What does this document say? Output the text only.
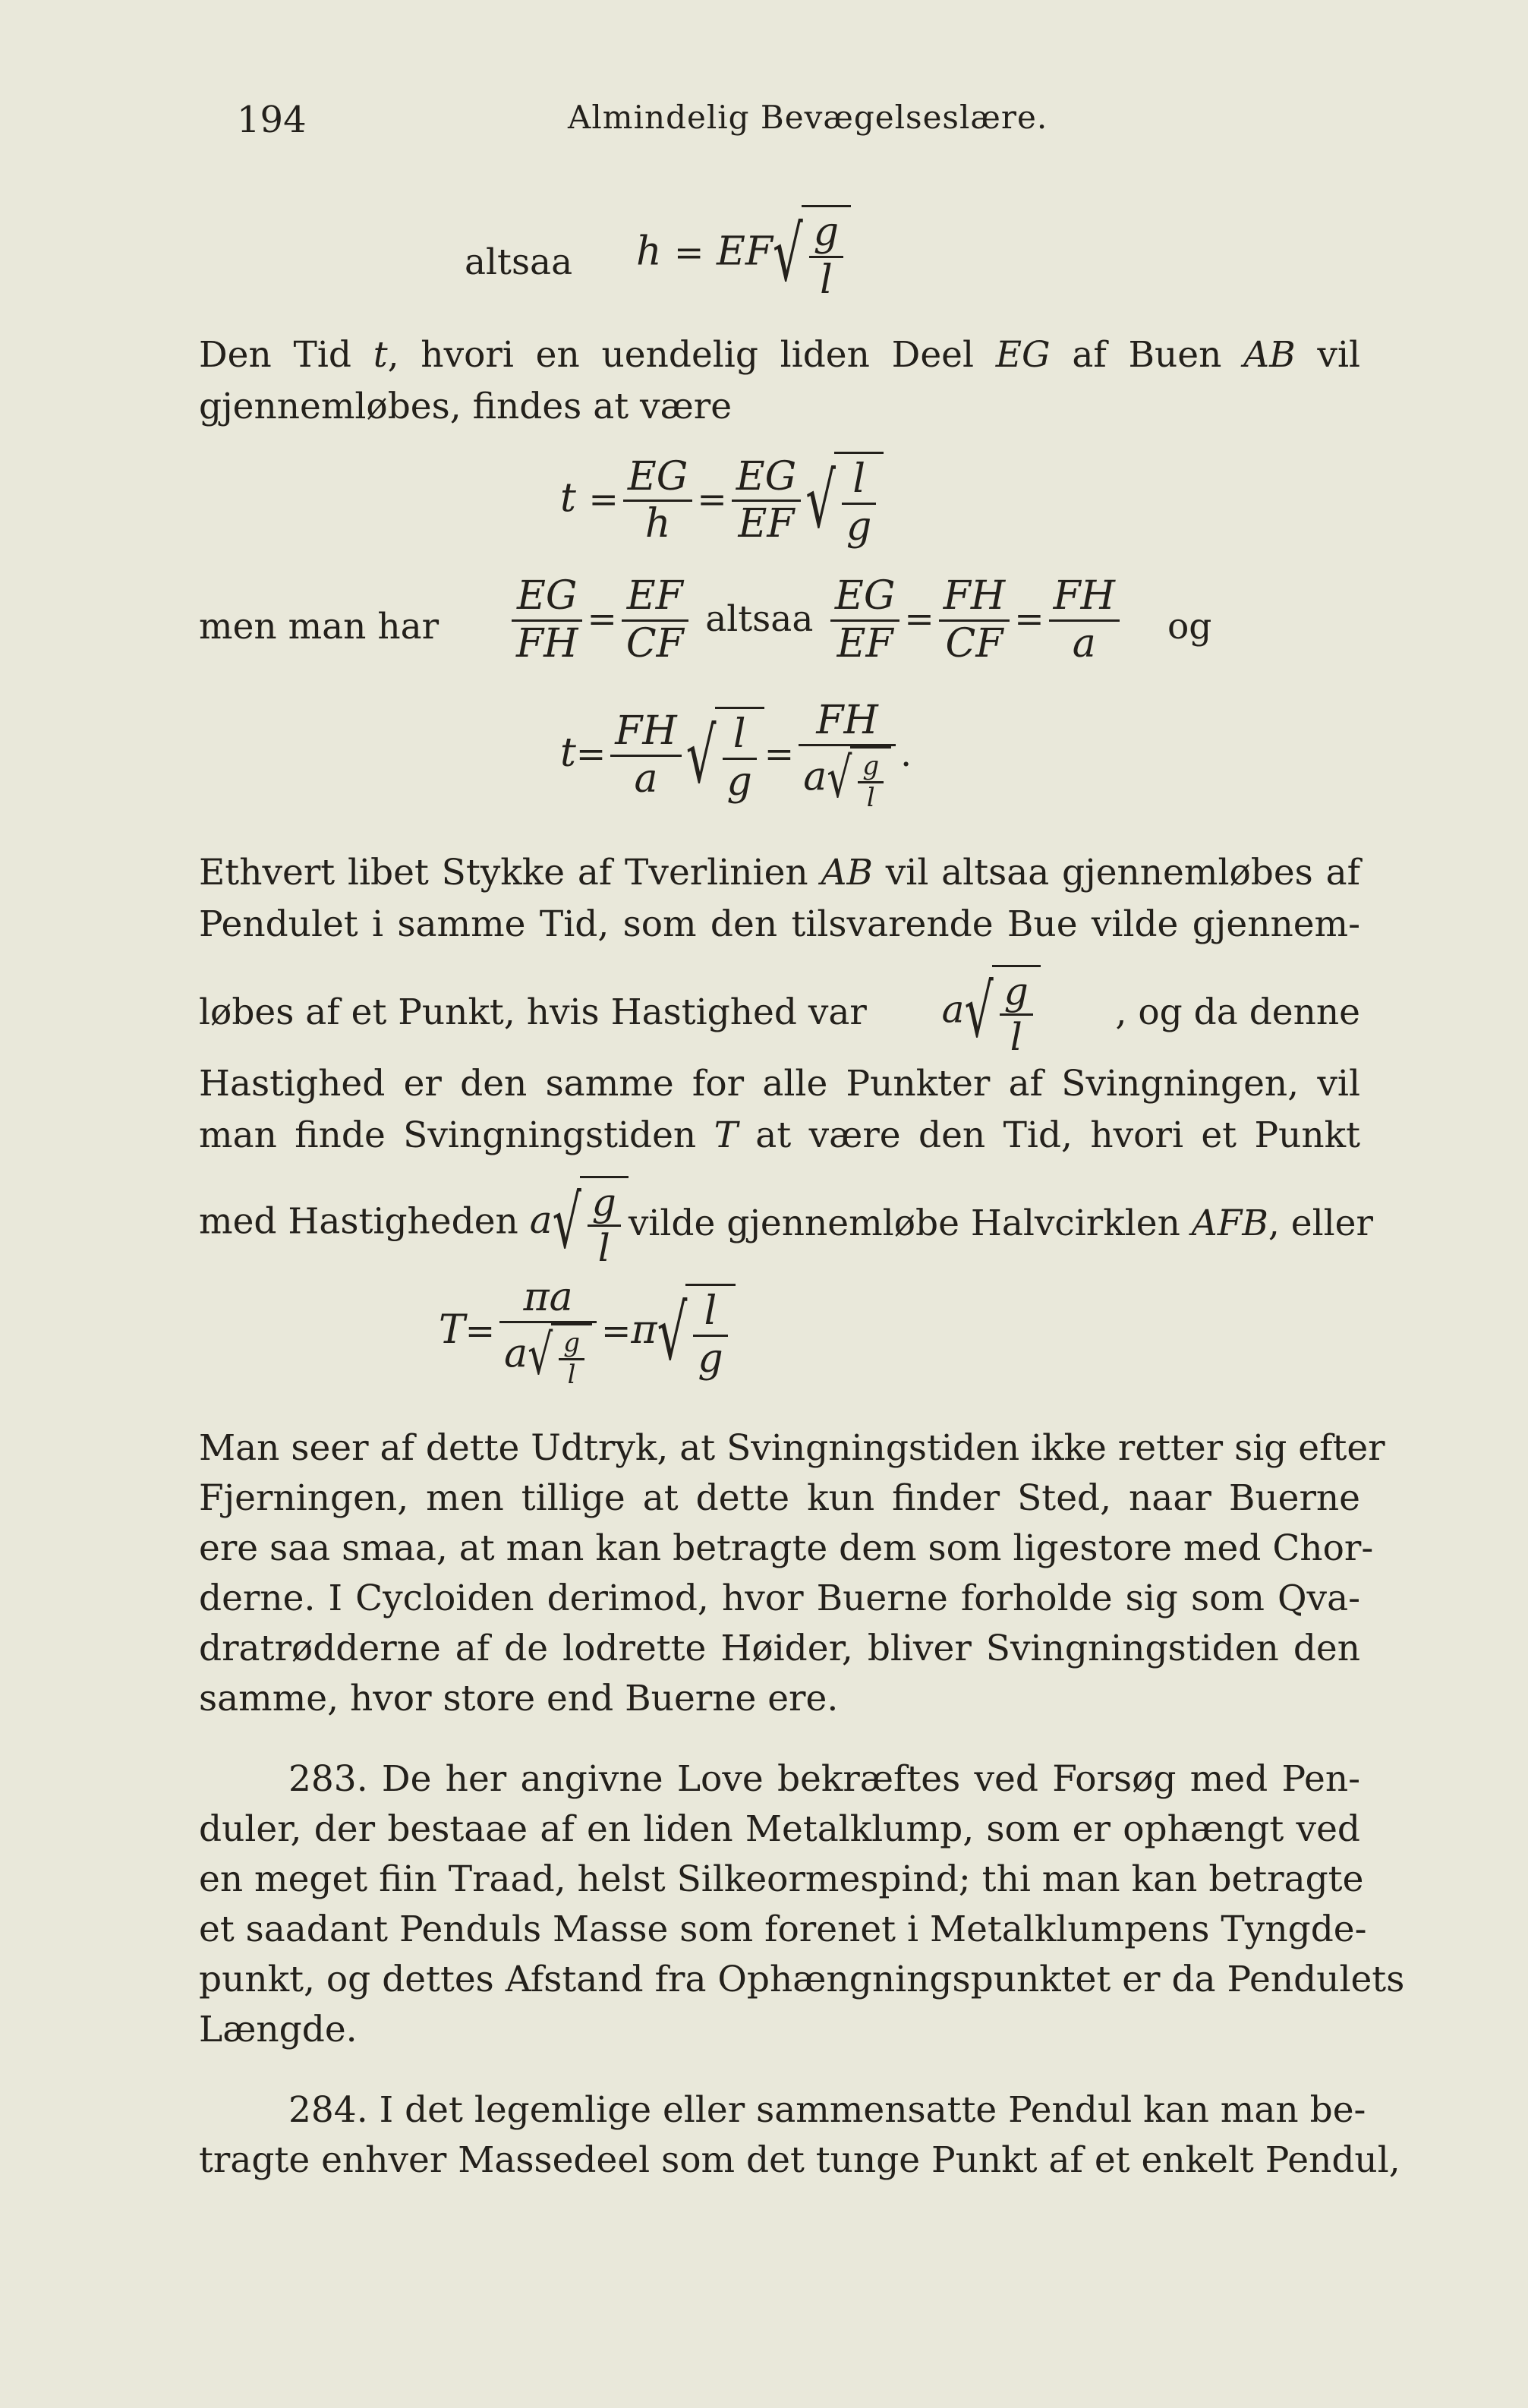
194	Almindelig Bevægelseslære.
altsaa $h = EF√ \frac{g}{l}$
Den Tid t, hvori en uendelig liden Deel EG af Buen AB vil
gjennemløbes, findes at være
$t = \frac{EG}{h} = \frac{EG}{EF}$ √ $\frac{l}{g}$
men man har $\frac{EG}{FH} = \frac{EF}{CF}$ altsaa $\frac{EG}{EF} = \frac{FH}{CF} = \frac{FH}{a}$ og
$t= \frac{FH}{a}$ √ $\frac{l}{g} = \frac{FH}{a√ \frac{g}{l}}$ .
Ethvert libet Stykke af Tverlinien AB vil altsaa gjennemløbes af
Pendulet i samme Tid, som den tilsvarende Bue vilde gjennem-
løbes af et Punkt, hvis Hastighed var $a√ \frac{g}{l}$ , og da denne
Hastighed er den samme for alle Punkter af Svingningen, vil
man finde Svingningstiden T at være den Tid, hvori et Punkt
med Hastigheden $a√ \frac{g}{l}$ vilde gjennemløbe Halvcirklen AFB, eller
$T= \frac{\pi a}{a√ \frac{g}{l}} =\pi√ \frac{l}{g}$
Man seer af dette Udtryk, at Svingningstiden ikke retter sig efter
Fjerningen, men tillige at dette kun finder Sted, naar Buerne
ere saa smaa, at man kan betragte dem som ligestore med Chor-
derne. I Cycloiden derimod, hvor Buerne forholde sig som Qva-
dratrødderne af de lodrette Høider, bliver Svingningstiden den
samme, hvor store end Buerne ere.
283. De her angivne Love bekræftes ved Forsøg med Pen-
duler, der bestaae af en liden Metalklump, som er ophængt ved
en meget fiin Traad, helst Silkeormespind; thi man kan betragte
et saadant Penduls Masse som forenet i Metalklumpens Tyngde-
punkt, og dettes Afstand fra Ophængningspunktet er da Pendulets
Længde.
284. I det legemlige eller sammensatte Pendul kan man be-
tragte enhver Massedeel som det tunge Punkt af et enkelt Pendul,
